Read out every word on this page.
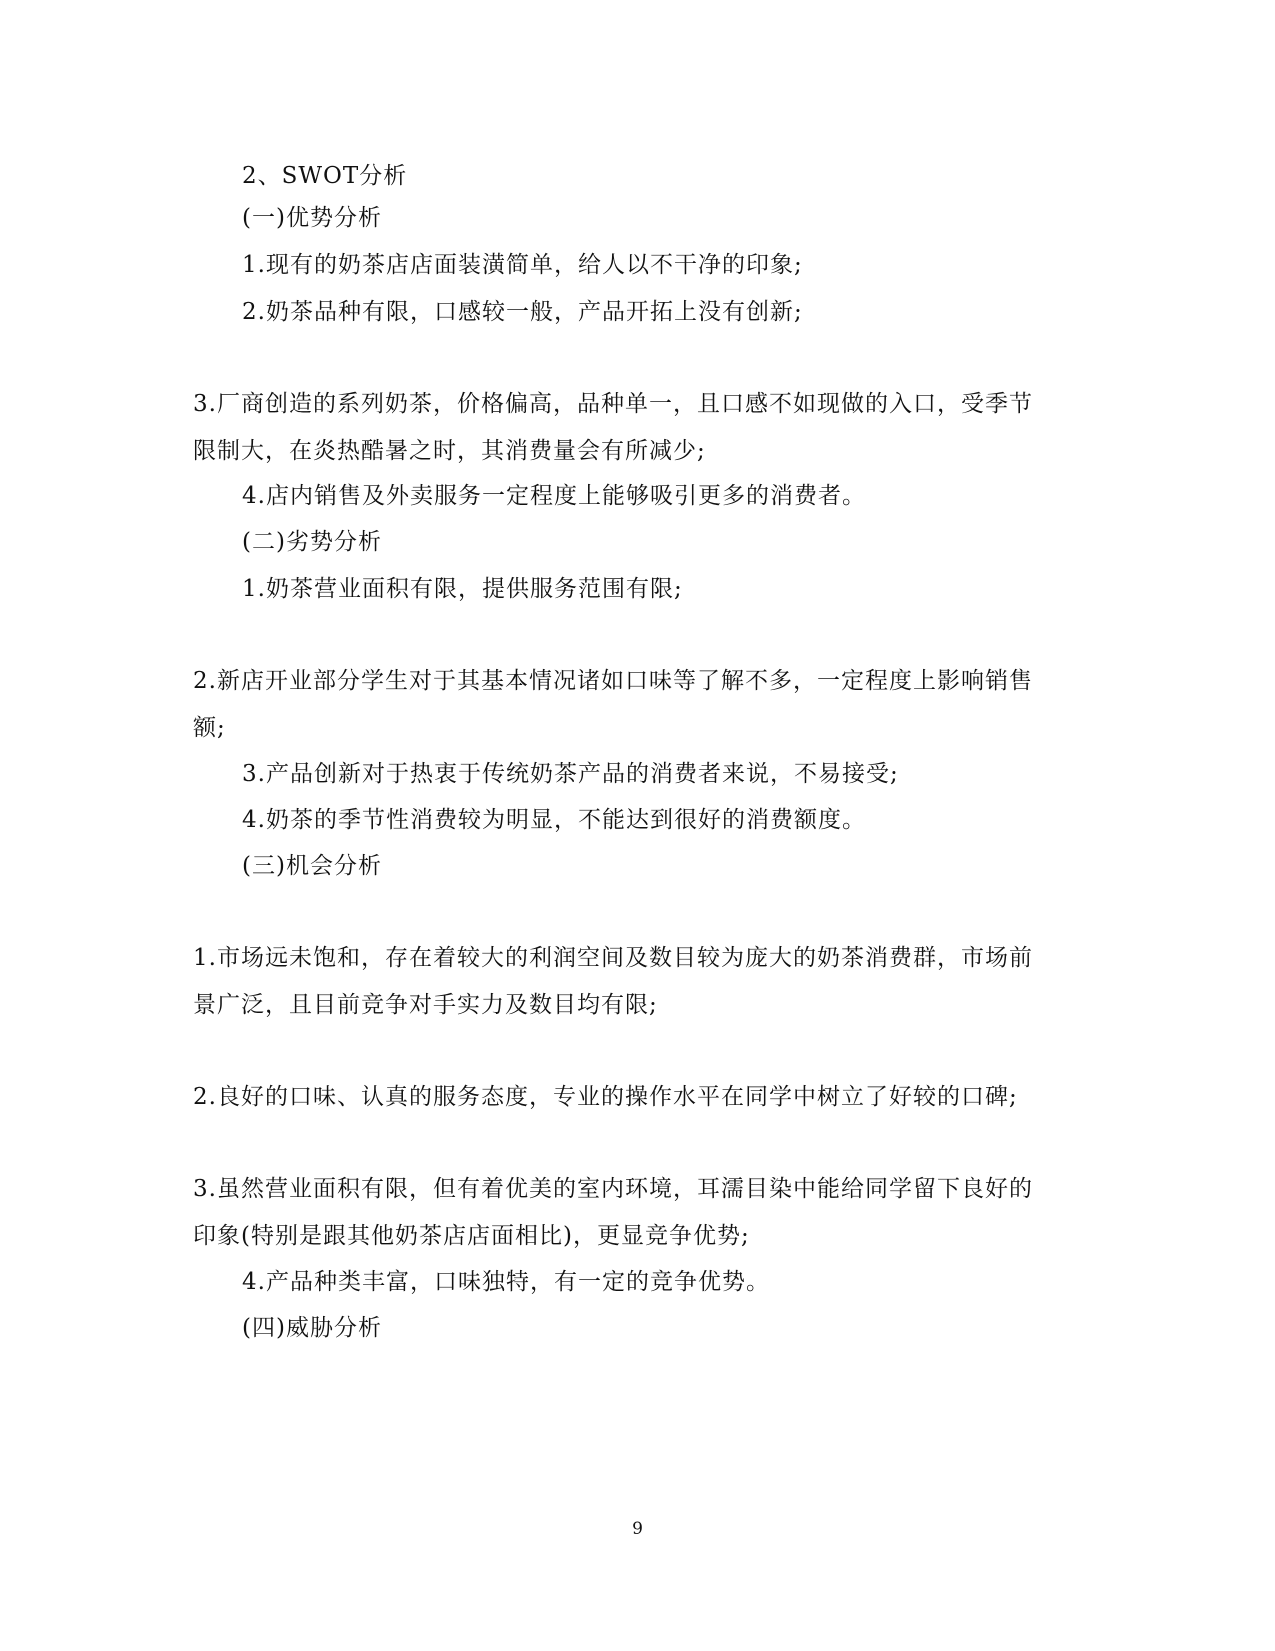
2、SWOT分析
(一)优势分析
1.现有的奶茶店店面装潢简单，给人以不干净的印象;
2.奶茶品种有限，口感较一般，产品开拓上没有创新;
3.厂商创造的系列奶茶，价格偏高，品种单一，且口感不如现做的入口，受季节
限制大，在炎热酷暑之时，其消费量会有所减少;
4.店内销售及外卖服务一定程度上能够吸引更多的消费者。
(二)劣势分析
1.奶茶营业面积有限，提供服务范围有限;
2.新店开业部分学生对于其基本情况诸如口味等了解不多，一定程度上影响销售
额;
3.产品创新对于热衷于传统奶茶产品的消费者来说，不易接受;
4.奶茶的季节性消费较为明显，不能达到很好的消费额度。
(三)机会分析
1.市场远未饱和，存在着较大的利润空间及数目较为庞大的奶茶消费群，市场前
景广泛，且目前竞争对手实力及数目均有限;
2.良好的口味、认真的服务态度，专业的操作水平在同学中树立了好较的口碑;
3.虽然营业面积有限，但有着优美的室内环境，耳濡目染中能给同学留下良好的
印象(特别是跟其他奶茶店店面相比)，更显竞争优势;
4.产品种类丰富，口味独特，有一定的竞争优势。
(四)威胁分析
9
